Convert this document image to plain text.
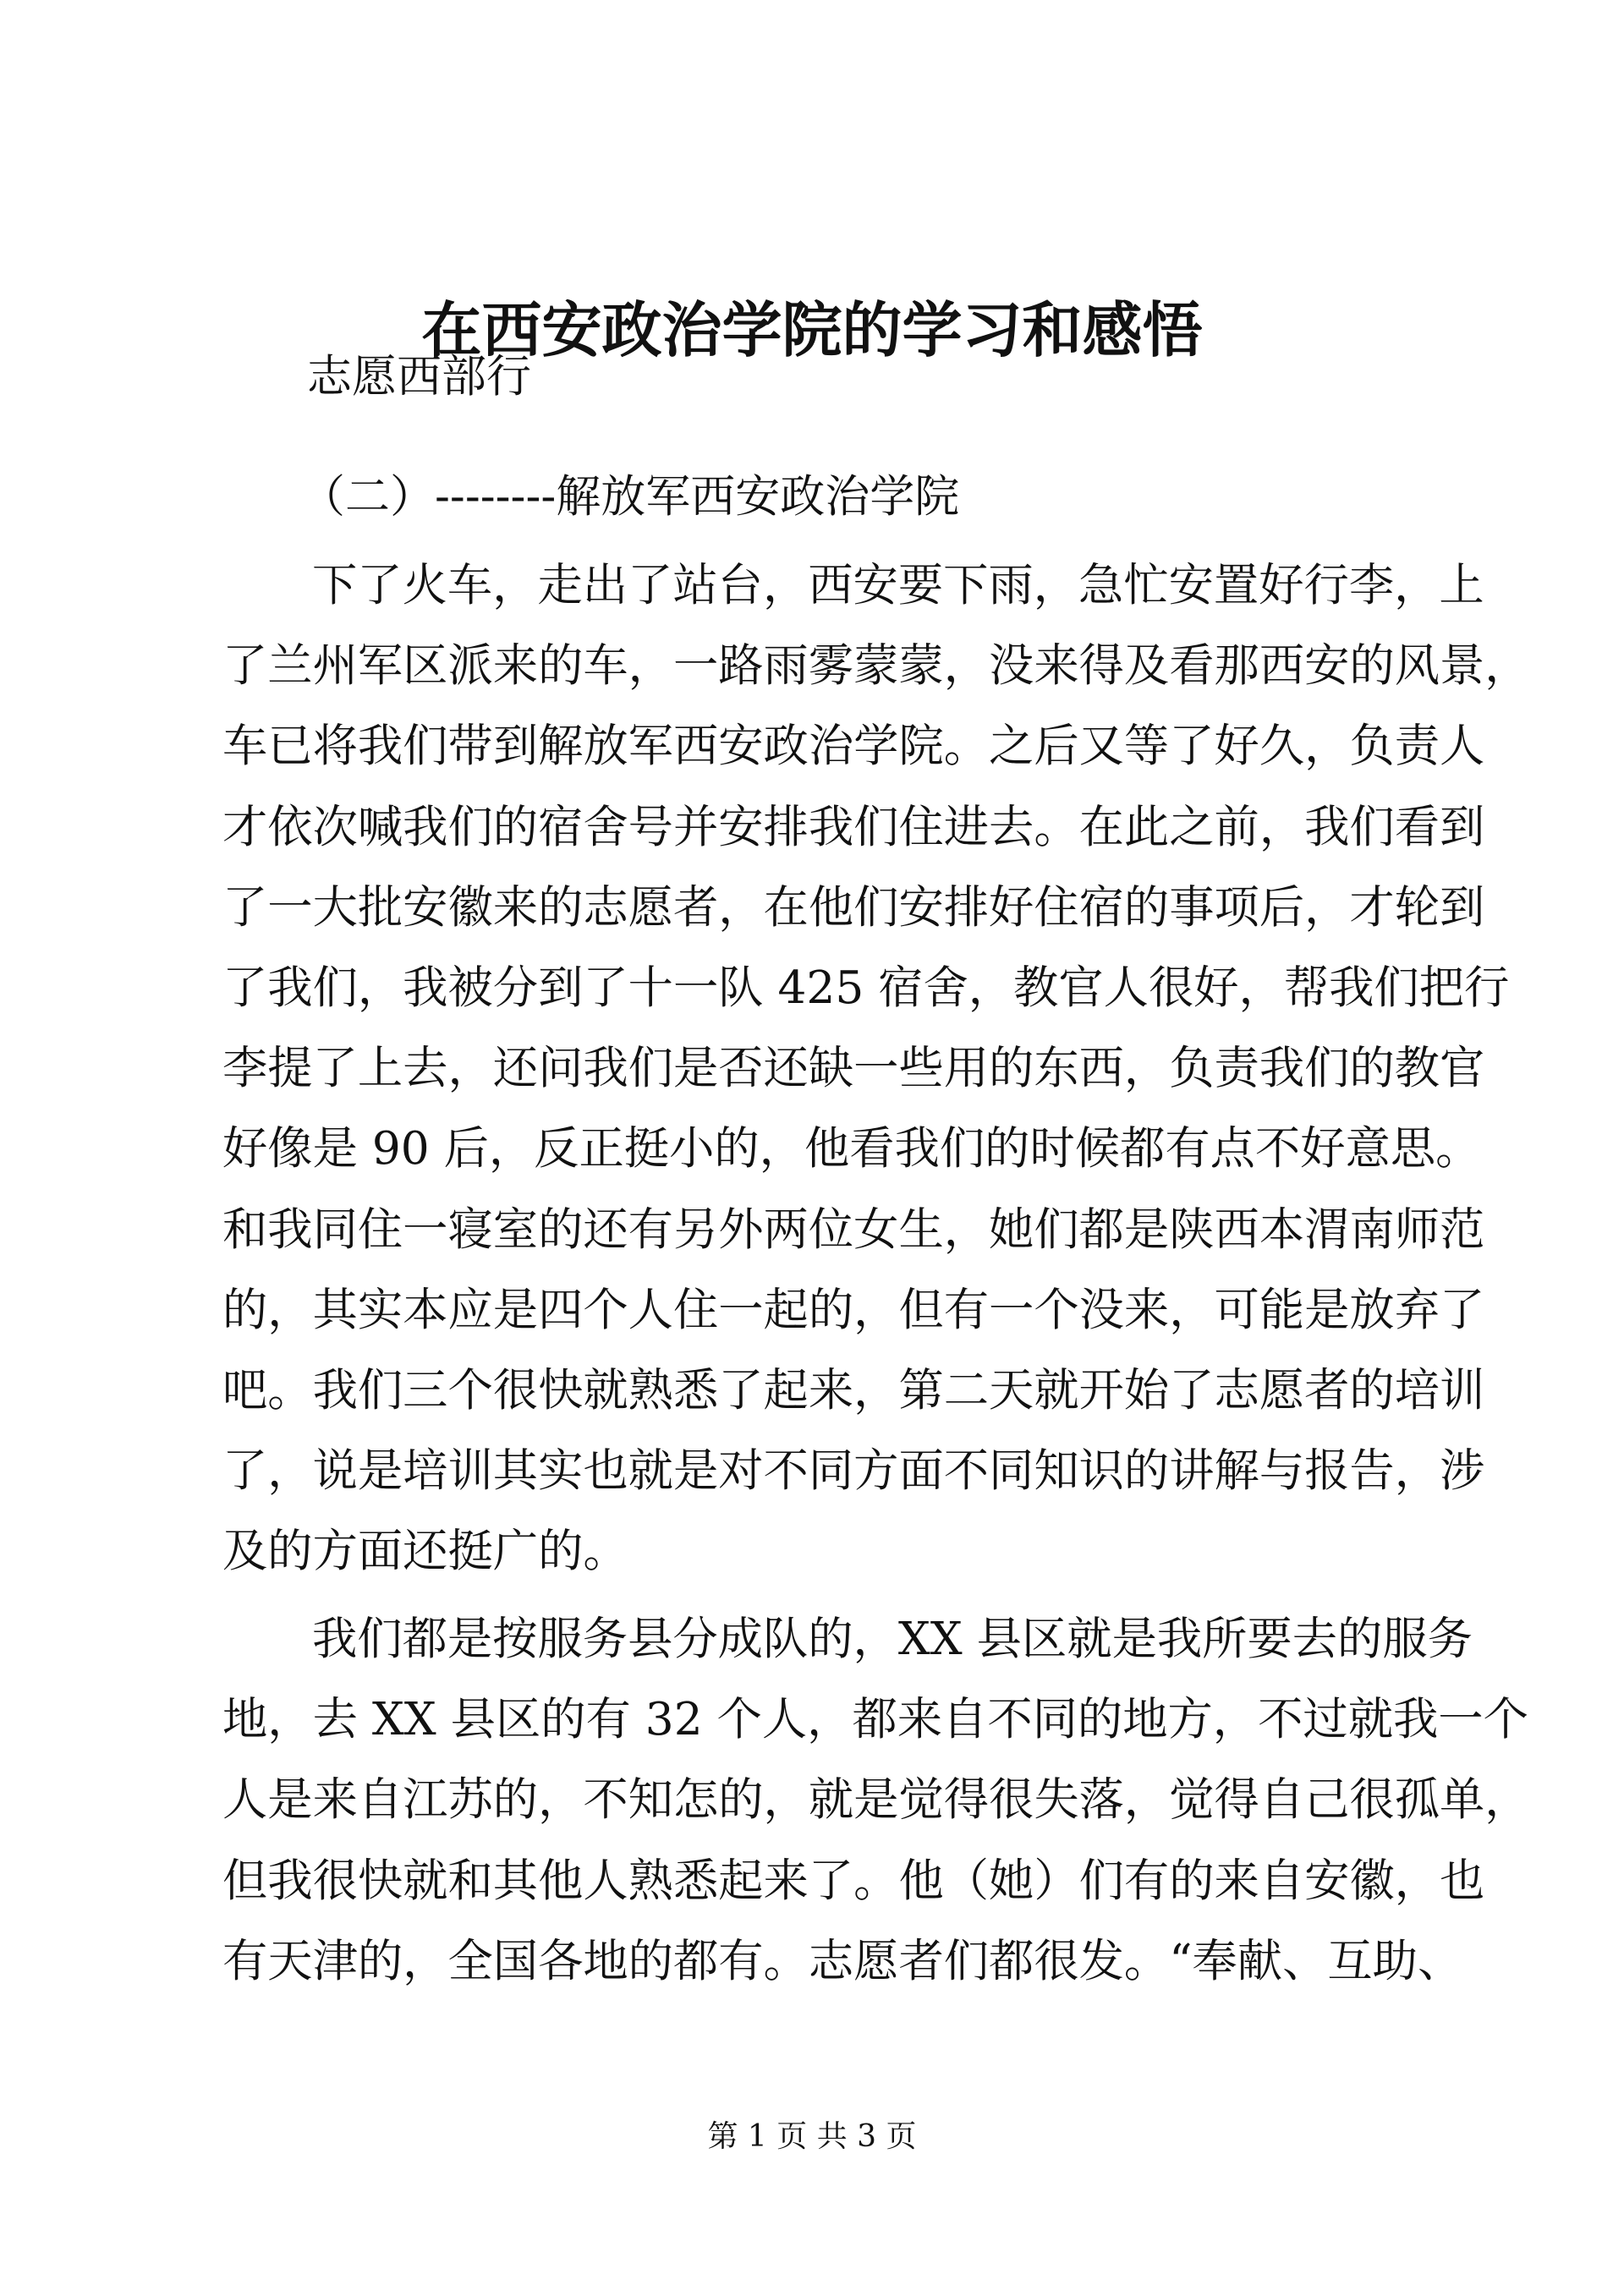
在西安政治学院的学习和感悟
志愿西部行
（二）--------解放军西安政治学院
下了火车，走出了站台，西安要下雨，急忙安置好行李，上
了兰州军区派来的车，一路雨雾蒙蒙，没来得及看那西安的风景，
车已将我们带到解放军西安政治学院。之后又等了好久，负责人
才依次喊我们的宿舍号并安排我们住进去。在此之前，我们看到
了一大批安徽来的志愿者，在他们安排好住宿的事项后，才轮到
了我们，我被分到了十一队 425 宿舍，教官人很好，帮我们把行
李提了上去，还问我们是否还缺一些用的东西，负责我们的教官
好像是 90 后，反正挺小的，他看我们的时候都有点不好意思。
和我同住一寝室的还有另外两位女生，她们都是陕西本渭南师范
的，其实本应是四个人住一起的，但有一个没来，可能是放弃了
吧。我们三个很快就熟悉了起来，第二天就开始了志愿者的培训
了，说是培训其实也就是对不同方面不同知识的讲解与报告，涉
及的方面还挺广的。
我们都是按服务县分成队的，XX 县区就是我所要去的服务
地，去 XX 县区的有 32 个人，都来自不同的地方，不过就我一个
人是来自江苏的，不知怎的，就是觉得很失落，觉得自己很孤单，
但我很快就和其他人熟悉起来了。他（她）们有的来自安徽，也
有天津的，全国各地的都有。志愿者们都很发。“奉献、互助、
第 1 页 共 3 页
